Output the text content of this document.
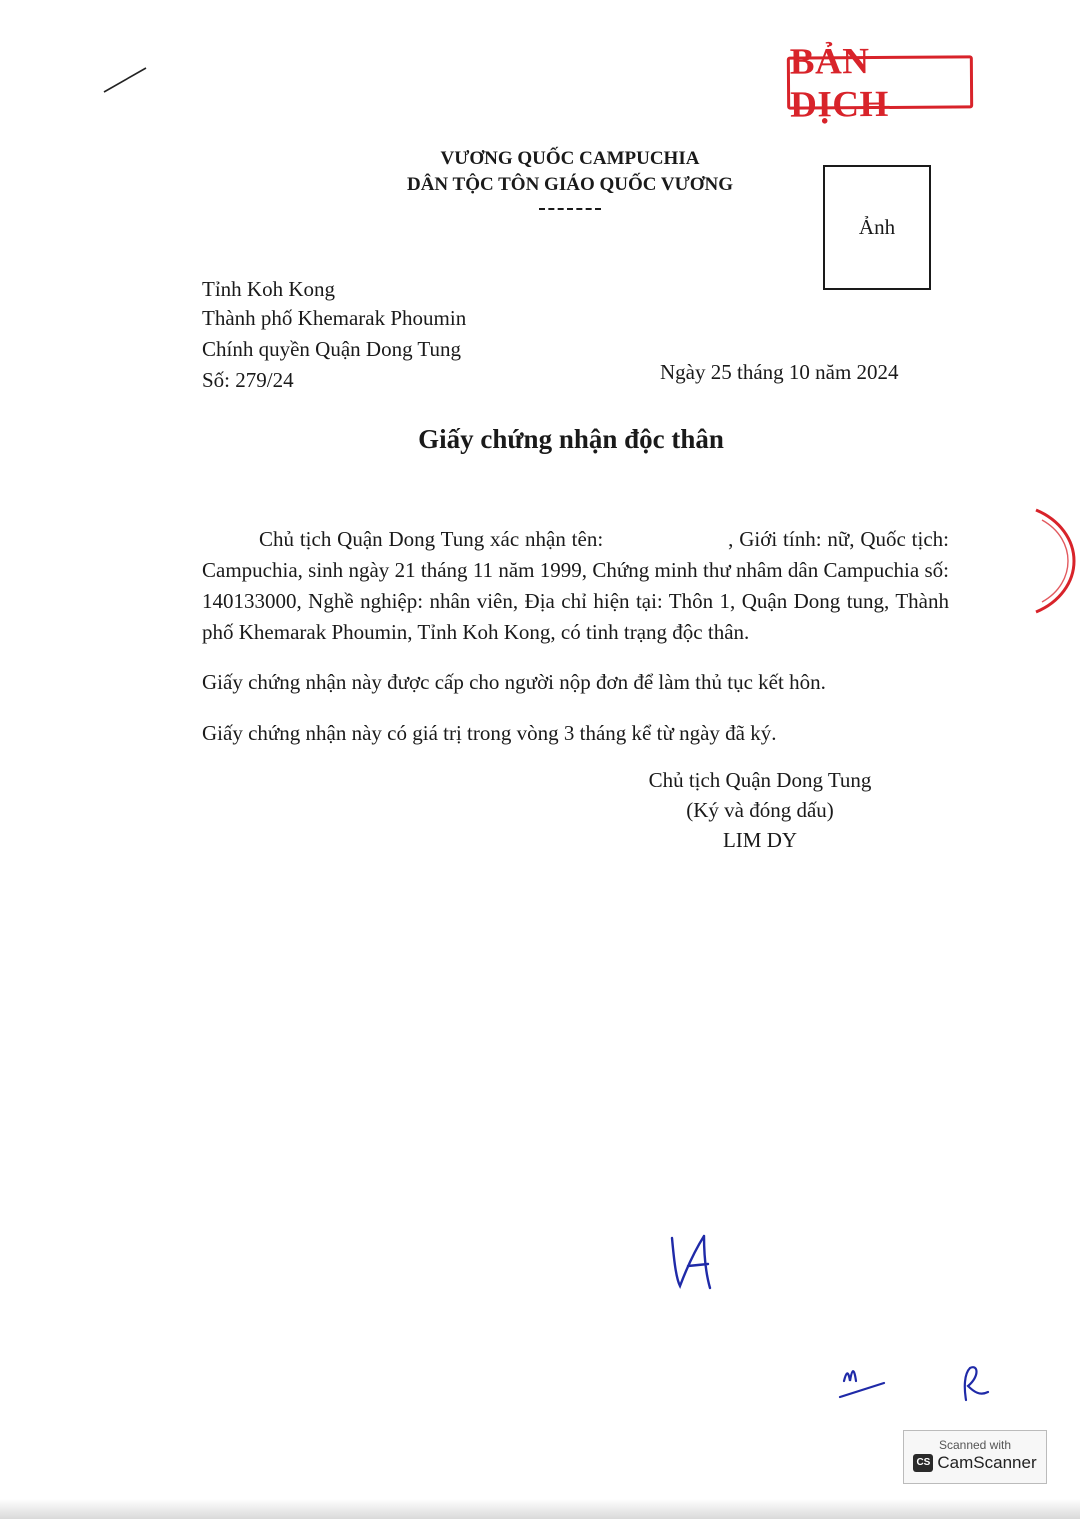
BẢN DỊCH
VƯƠNG QUỐC CAMPUCHIA
DÂN TỘC TÔN GIÁO QUỐC VƯƠNG
Ảnh
Tỉnh Koh Kong
Thành phố Khemarak Phoumin
Chính quyền Quận Dong Tung
Số: 279/24	Ngày 25 tháng 10 năm 2024
Giấy chứng nhận độc thân
Chủ tịch Quận Dong Tung xác nhận tên:	, Giới tính: nữ, Quốc tịch: Campuchia, sinh ngày 21 tháng 11 năm 1999, Chứng minh thư nhâm dân Campuchia số: 140133000, Nghề nghiệp: nhân viên, Địa chỉ hiện tại: Thôn 1, Quận Dong tung, Thành phố Khemarak Phoumin, Tỉnh Koh Kong, có tinh trạng độc thân.
Giấy chứng nhận này được cấp cho người nộp đơn để làm thủ tục kết hôn.
Giấy chứng nhận này có giá trị trong vòng 3 tháng kể từ ngày đã ký.
Chủ tịch Quận Dong Tung
(Ký và đóng dấu)
LIM DY
Scanned with
CS CamScanner
